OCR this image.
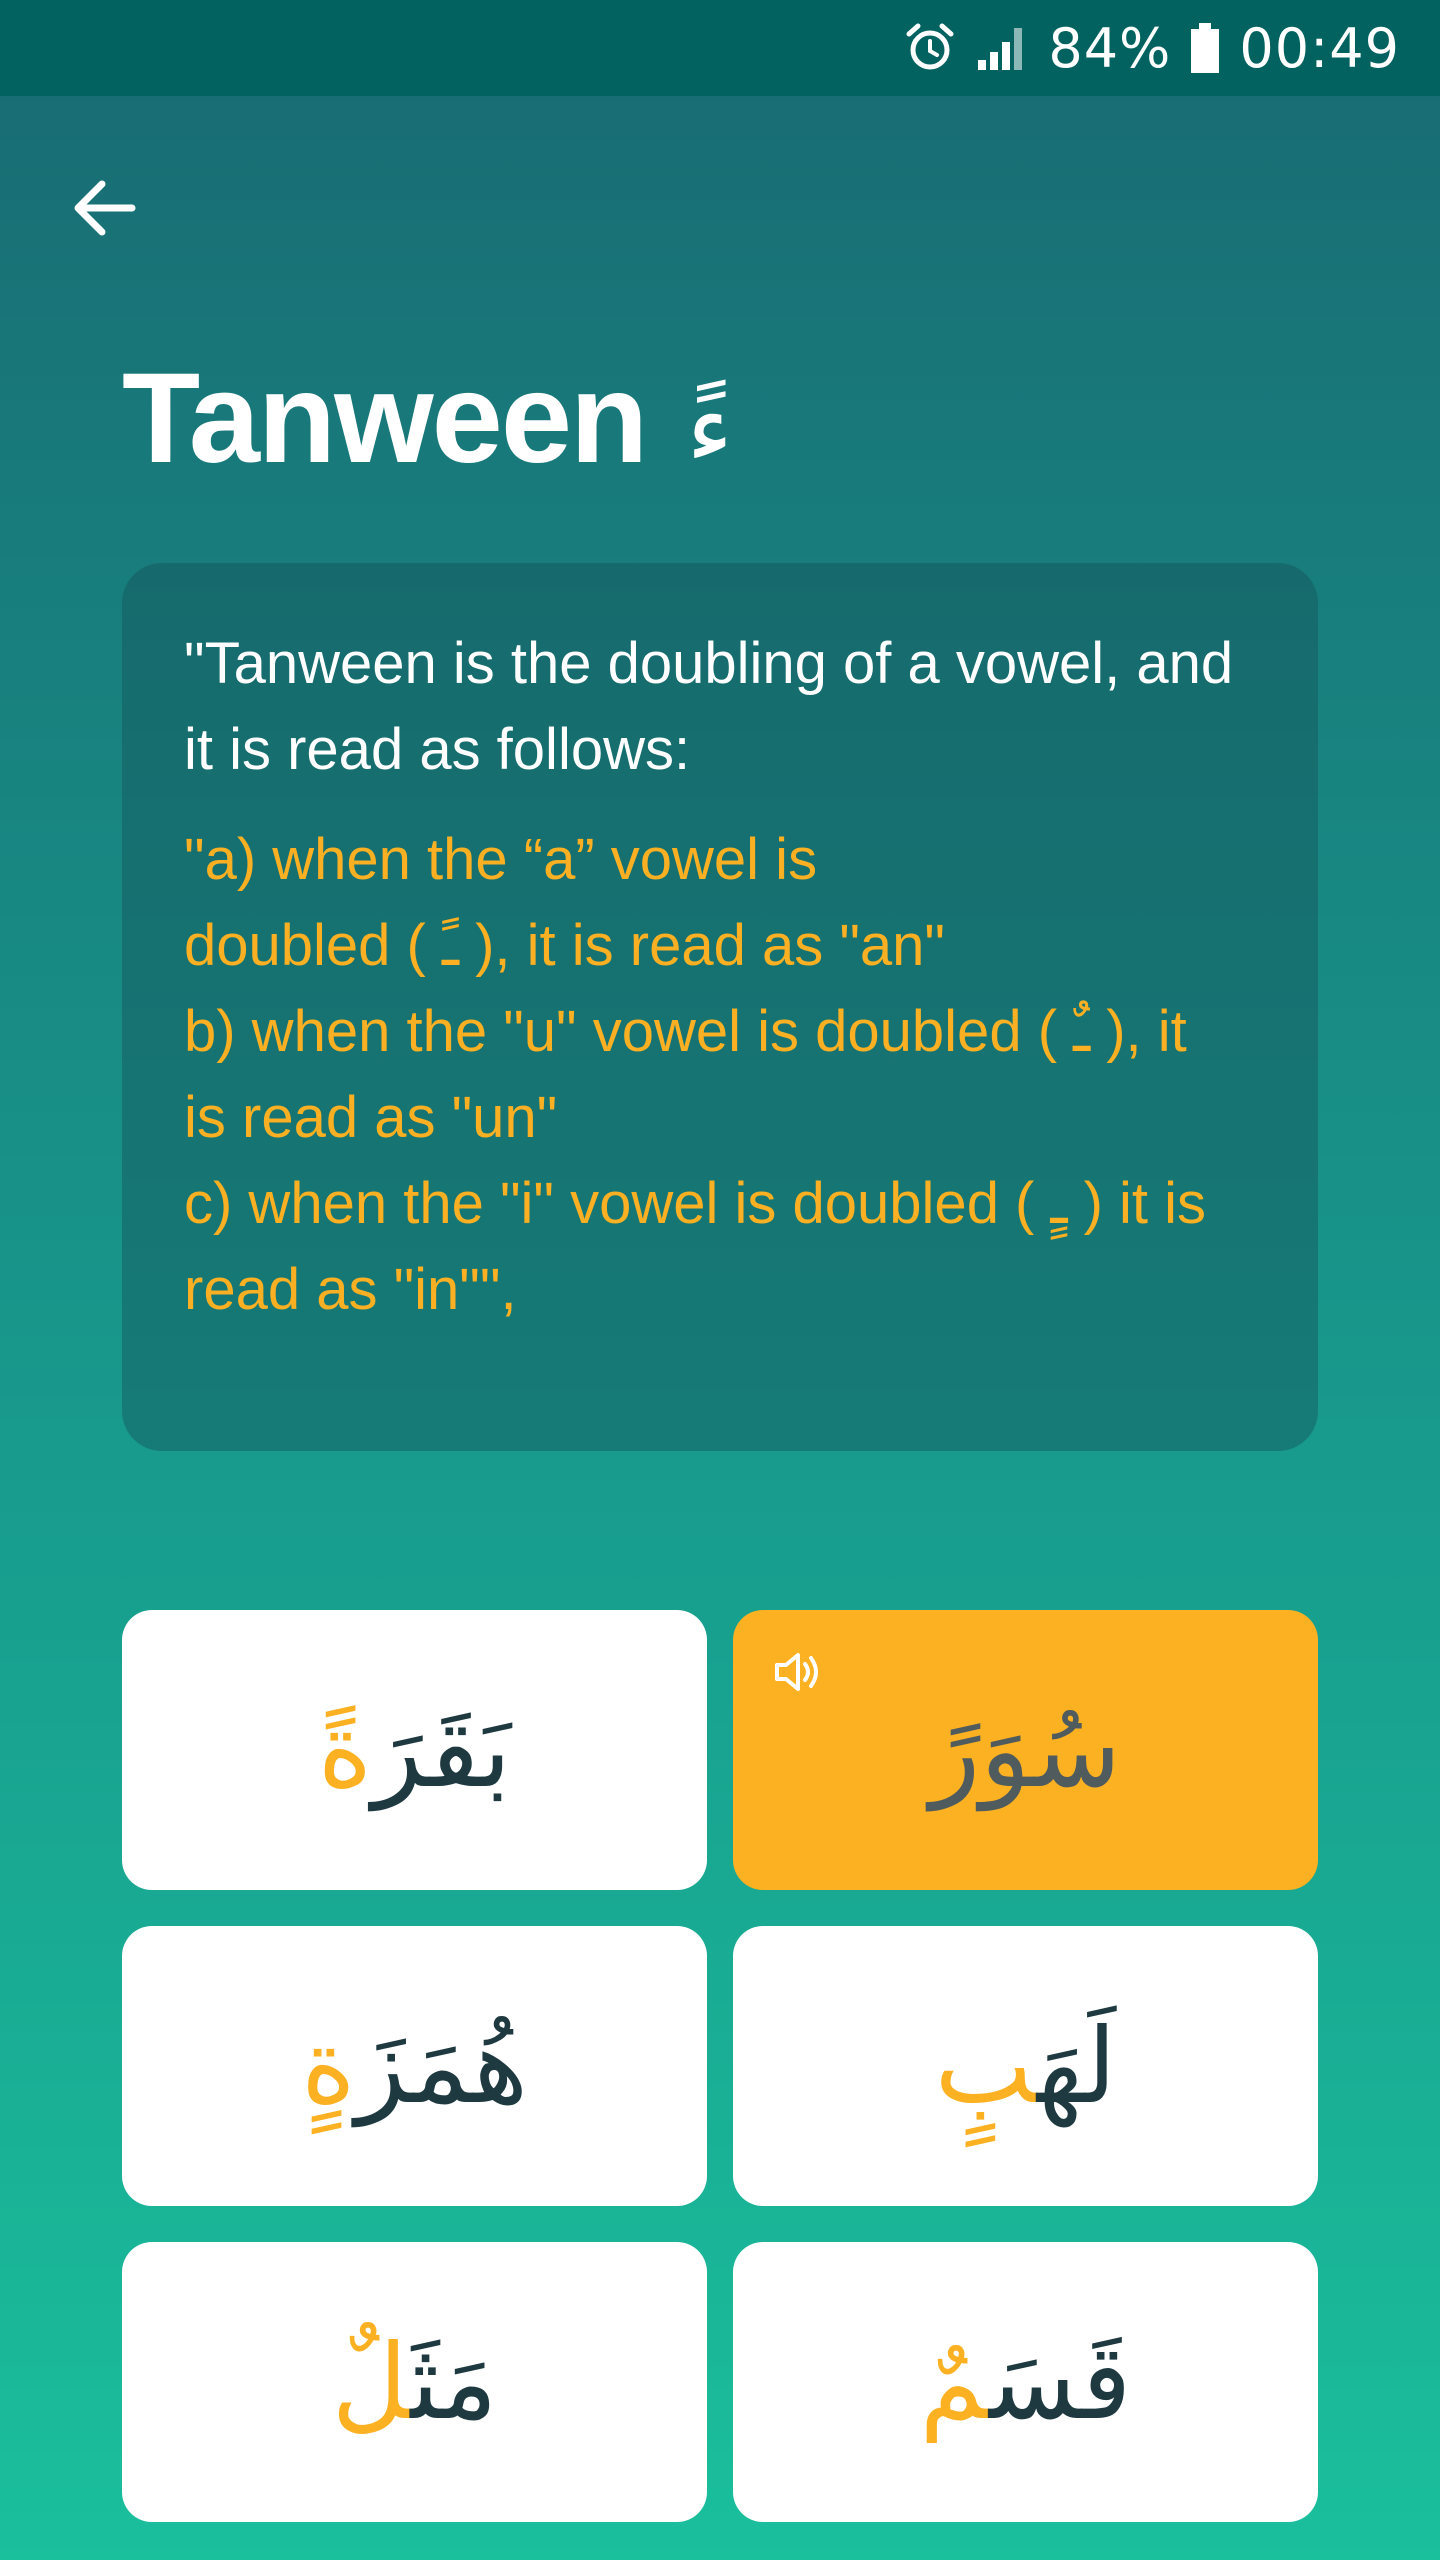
84% 00:49
Tanween ءً

"Tanween is the doubling of a vowel, and it is read as follows:

"a) when the “a” vowel is
doubled ( ـً ), it is read as "an"
b) when the "u" vowel is doubled ( ـٌ ), it
is read as "un"
c) when the "i" vowel is doubled ( ـٍ ) it is
read as "in"",

بَقَرَةً	سُوَرً
هُمَزَةٍ	لَهَبٍ
مَثَلٌ	قَسَمٌ
